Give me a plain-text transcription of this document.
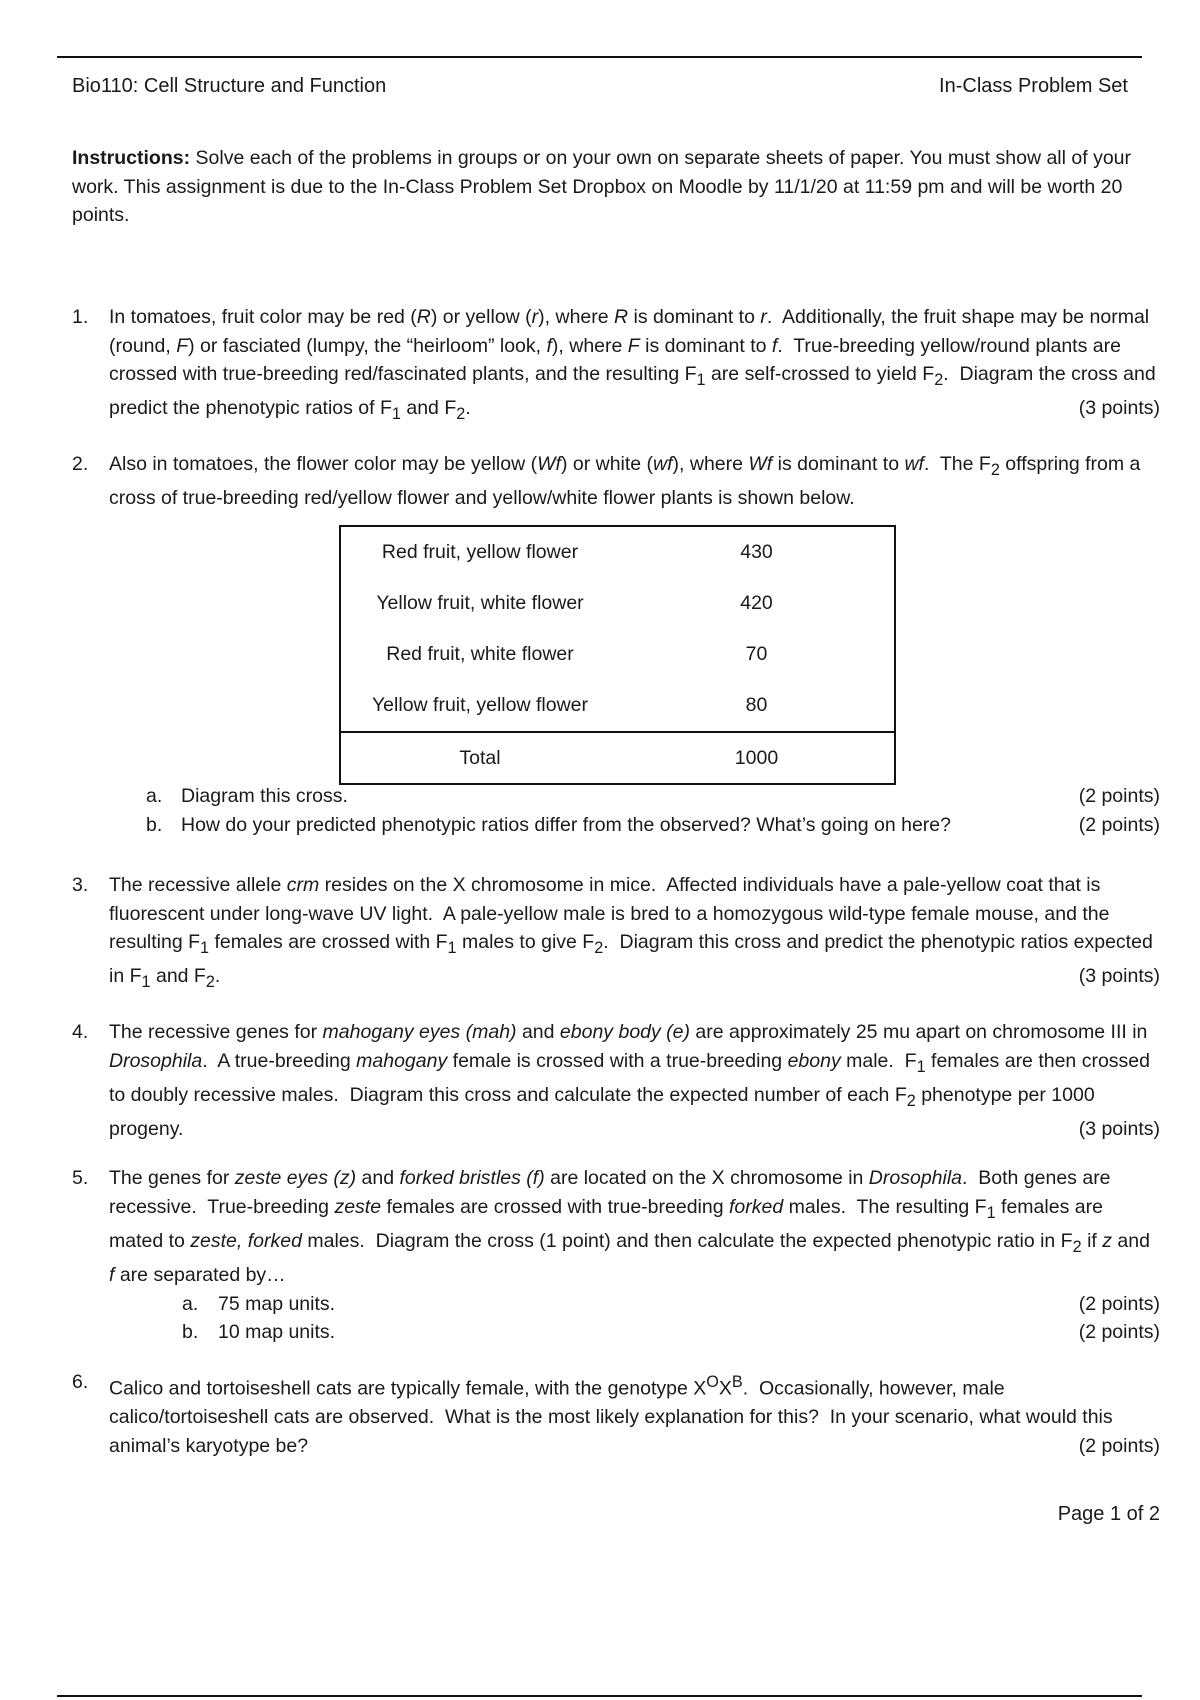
Bio110: Cell Structure and Function	In-Class Problem Set
Instructions: Solve each of the problems in groups or on your own on separate sheets of paper. You must show all of your work. This assignment is due to the In-Class Problem Set Dropbox on Moodle by 11/1/20 at 11:59 pm and will be worth 20 points.
1. In tomatoes, fruit color may be red (R) or yellow (r), where R is dominant to r.  Additionally, the fruit shape may be normal (round, F) or fasciated (lumpy, the “heirloom” look, f), where F is dominant to f.  True-breeding yellow/round plants are crossed with true-breeding red/fascinated plants, and the resulting $F_1$ are self-crossed to yield $F_2$.  Diagram the cross and predict the phenotypic ratios of $F_1$ and $F_2$.	(3 points)
2. Also in tomatoes, the flower color may be yellow (Wf) or white (wf), where Wf is dominant to wf.  The $F_2$ offspring from a cross of true-breeding red/yellow flower and yellow/white flower plants is shown below.
Red fruit, yellow flower	430
Yellow fruit, white flower	420
Red fruit, white flower	70
Yellow fruit, yellow flower	80
Total	1000
a. Diagram this cross.	(2 points)
b. How do your predicted phenotypic ratios differ from the observed? What’s going on here?	(2 points)
3. The recessive allele crm resides on the X chromosome in mice.  Affected individuals have a pale-yellow coat that is fluorescent under long-wave UV light.  A pale-yellow male is bred to a homozygous wild-type female mouse, and the resulting $F_1$ females are crossed with $F_1$ males to give $F_2$.  Diagram this cross and predict the phenotypic ratios expected in $F_1$ and $F_2$.	(3 points)
4. The recessive genes for mahogany eyes (mah) and ebony body (e) are approximately 25 mu apart on chromosome III in Drosophila.  A true-breeding mahogany female is crossed with a true-breeding ebony male.  $F_1$ females are then crossed to doubly recessive males.  Diagram this cross and calculate the expected number of each $F_2$ phenotype per 1000 progeny.	(3 points)
5. The genes for zeste eyes (z) and forked bristles (f) are located on the X chromosome in Drosophila.  Both genes are recessive.  True-breeding zeste females are crossed with true-breeding forked males.  The resulting $F_1$ females are mated to zeste, forked males.  Diagram the cross (1 point) and then calculate the expected phenotypic ratio in $F_2$ if z and f are separated by…
a. 75 map units.	(2 points)
b. 10 map units.	(2 points)
6. Calico and tortoiseshell cats are typically female, with the genotype $X^OX^B$.  Occasionally, however, male calico/tortoiseshell cats are observed.  What is the most likely explanation for this?  In your scenario, what would this animal’s karyotype be?	(2 points)
Page 1 of 2
